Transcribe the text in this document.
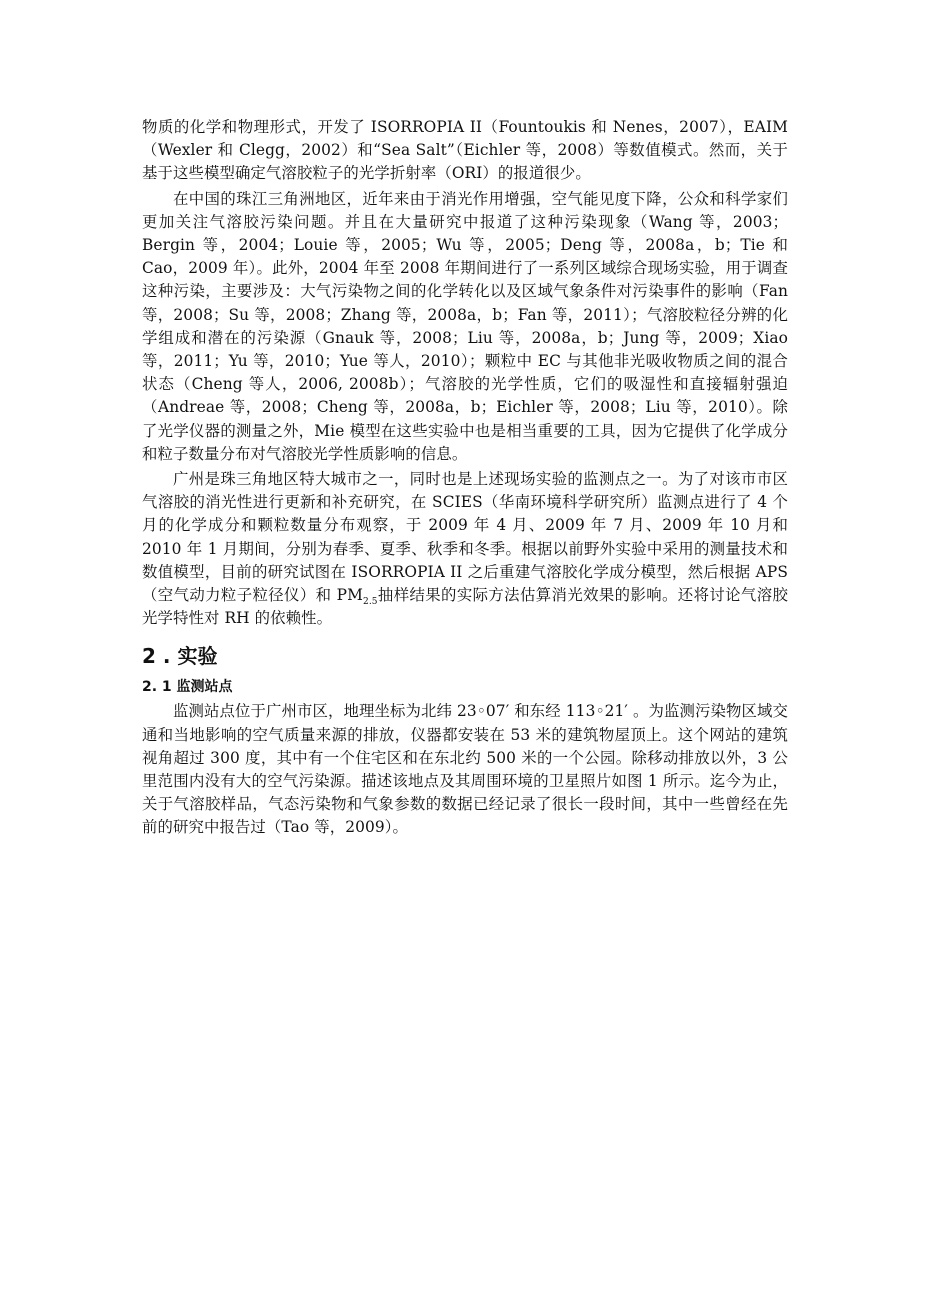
物质的化学和物理形式，开发了 ISORROPIA II（Fountoukis 和 Nenes，2007），EAIM（Wexler 和 Clegg，2002）和“Sea Salt”（Eichler 等，2008）等数值模式。然而，关于基于这些模型确定气溶胶粒子的光学折射率（ORI）的报道很少。

在中国的珠江三角洲地区，近年来由于消光作用增强，空气能见度下降，公众和科学家们更加关注气溶胶污染问题。并且在大量研究中报道了这种污染现象（Wang 等，2003；Bergin 等，2004；Louie 等，2005；Wu 等，2005；Deng 等，2008a，b；Tie 和 Cao，2009 年）。此外，2004 年至 2008 年期间进行了一系列区域综合现场实验，用于调查这种污染，主要涉及：大气污染物之间的化学转化以及区域气象条件对污染事件的影响（Fan 等，2008；Su 等，2008；Zhang 等，2008a，b；Fan 等，2011）；气溶胶粒径分辨的化学组成和潜在的污染源（Gnauk 等，2008；Liu 等，2008a，b；Jung 等，2009；Xiao 等，2011；Yu 等，2010；Yue 等人，2010）；颗粒中 EC 与其他非光吸收物质之间的混合状态（Cheng 等人，2006, 2008b）；气溶胶的光学性质，它们的吸湿性和直接辐射强迫（Andreae 等，2008；Cheng 等，2008a，b；Eichler 等，2008；Liu 等，2010）。除了光学仪器的测量之外，Mie 模型在这些实验中也是相当重要的工具，因为它提供了化学成分和粒子数量分布对气溶胶光学性质影响的信息。

广州是珠三角地区特大城市之一，同时也是上述现场实验的监测点之一。为了对该市市区气溶胶的消光性进行更新和补充研究，在 SCIES（华南环境科学研究所）监测点进行了 4 个月的化学成分和颗粒数量分布观察，于 2009 年 4 月、2009 年 7 月、2009 年 10 月和 2010 年 1 月期间，分别为春季、夏季、秋季和冬季。根据以前野外实验中采用的测量技术和数值模型，目前的研究试图在 ISORROPIA II 之后重建气溶胶化学成分模型，然后根据 APS（空气动力粒子粒径仪）和 $PM_{2.5}$抽样结果的实际方法估算消光效果的影响。还将讨论气溶胶光学特性对 RH 的依赖性。

2 . 实验
2. 1 监测站点

监测站点位于广州市区，地理坐标为北纬 23◦07′ 和东经 113◦21′ 。为监测污染物区域交通和当地影响的空气质量来源的排放，仪器都安装在 53 米的建筑物屋顶上。这个网站的建筑视角超过 300 度，其中有一个住宅区和在东北约 500 米的一个公园。除移动排放以外，3 公里范围内没有大的空气污染源。描述该地点及其周围环境的卫星照片如图 1 所示。迄今为止，关于气溶胶样品，气态污染物和气象参数的数据已经记录了很长一段时间，其中一些曾经在先前的研究中报告过（Tao 等，2009）。
